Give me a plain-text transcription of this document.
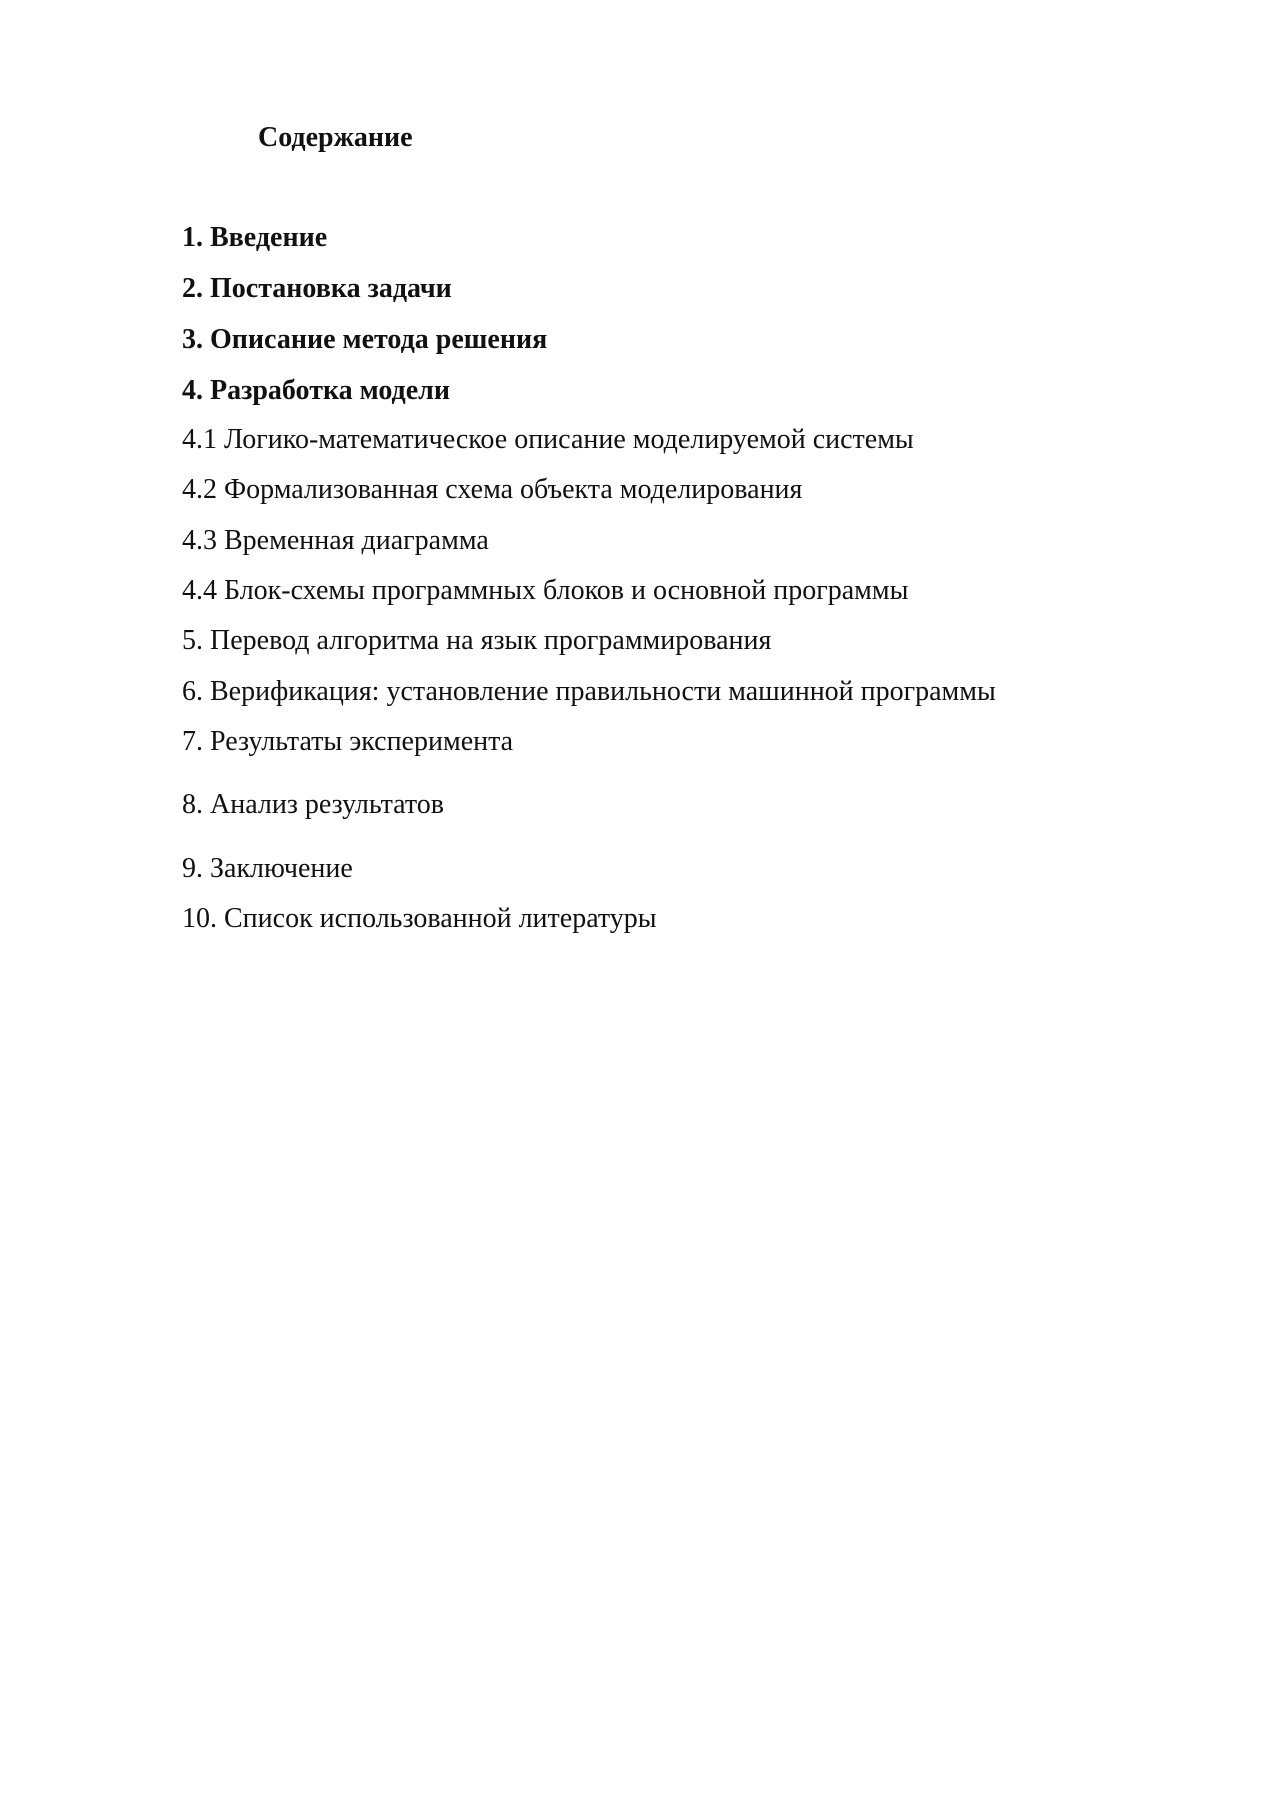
Содержание
1. Введение
2. Постановка задачи
3. Описание метода решения
4. Разработка модели
4.1 Логико-математическое описание моделируемой системы
4.2 Формализованная схема объекта моделирования
4.3 Временная диаграмма
4.4 Блок-схемы программных блоков и основной программы
5. Перевод алгоритма на язык программирования
6. Верификация: установление правильности машинной программы
7. Результаты эксперимента
8. Анализ результатов
9. Заключение
10. Список использованной литературы
